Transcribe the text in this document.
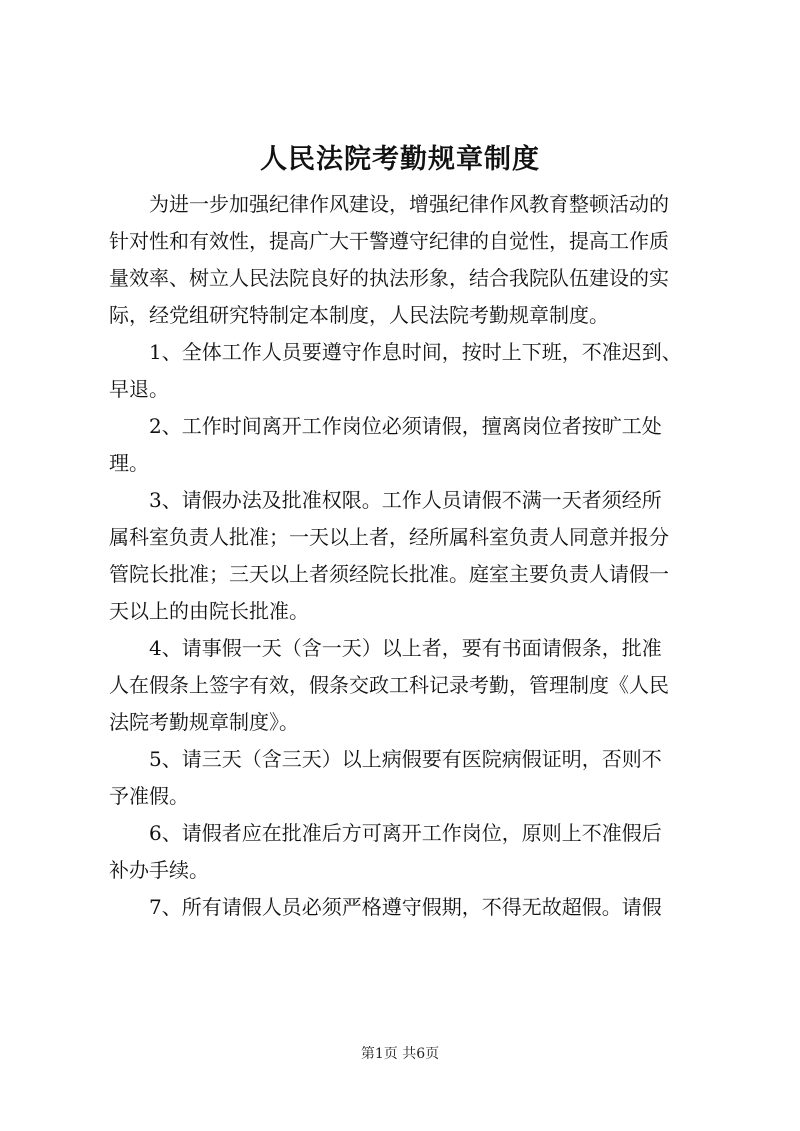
人民法院考勤规章制度
为进一步加强纪律作风建设，增强纪律作风教育整顿活动的
针对性和有效性，提高广大干警遵守纪律的自觉性，提高工作质
量效率、树立人民法院良好的执法形象，结合我院队伍建设的实
际，经党组研究特制定本制度，人民法院考勤规章制度。
1、全体工作人员要遵守作息时间，按时上下班，不准迟到、
早退。
2、工作时间离开工作岗位必须请假，擅离岗位者按旷工处
理。
3、请假办法及批准权限。工作人员请假不满一天者须经所
属科室负责人批准；一天以上者，经所属科室负责人同意并报分
管院长批准；三天以上者须经院长批准。庭室主要负责人请假一
天以上的由院长批准。
4、请事假一天（含一天）以上者，要有书面请假条，批准
人在假条上签字有效，假条交政工科记录考勤，管理制度《人民
法院考勤规章制度》。
5、请三天（含三天）以上病假要有医院病假证明，否则不
予准假。
6、请假者应在批准后方可离开工作岗位，原则上不准假后
补办手续。
7、所有请假人员必须严格遵守假期，不得无故超假。请假
第1页 共6页
